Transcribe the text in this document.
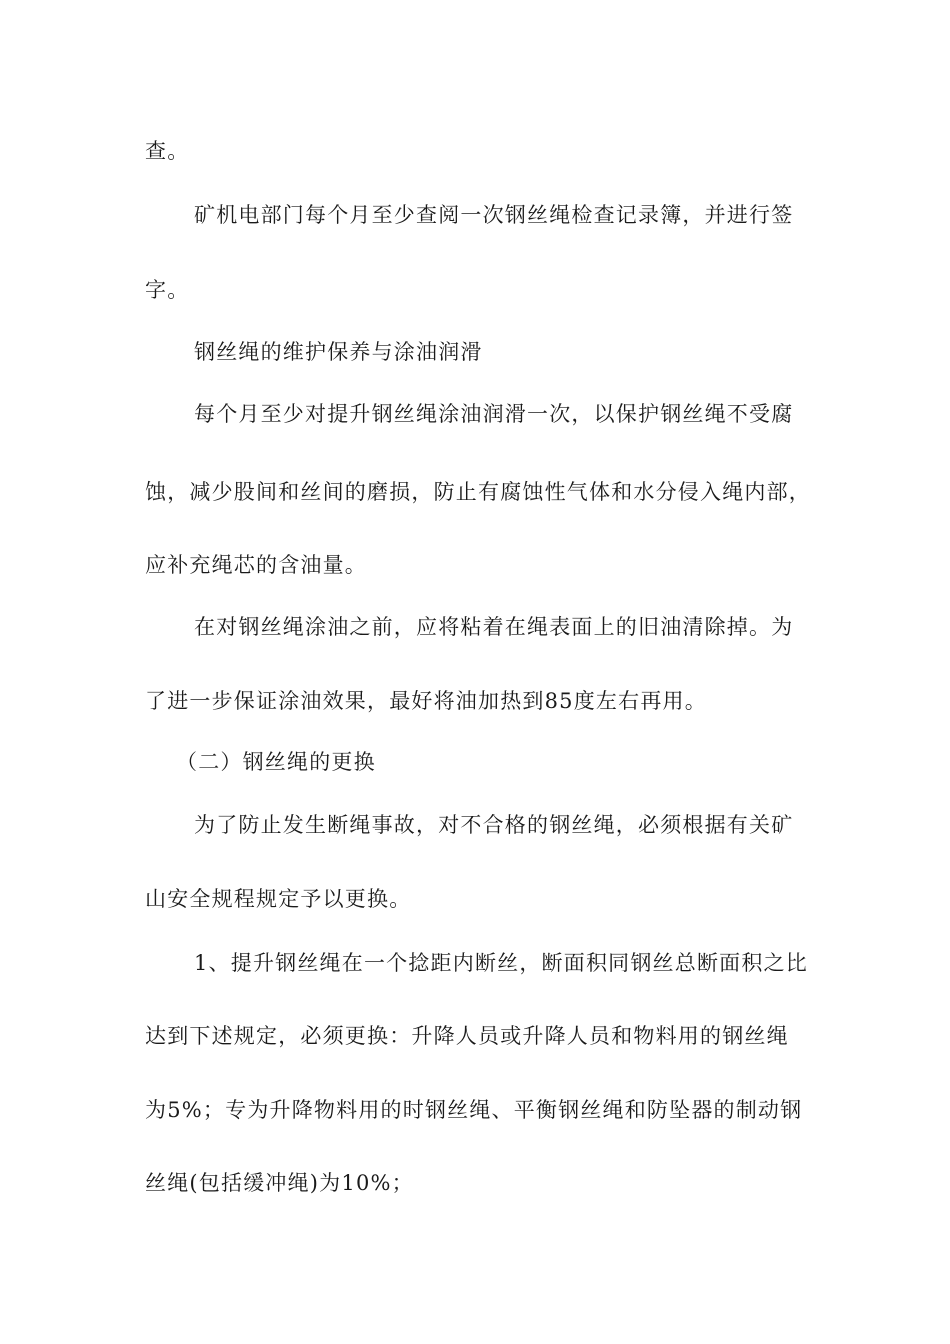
查。
矿机电部门每个月至少查阅一次钢丝绳检查记录簿，并进行签
字。
钢丝绳的维护保养与涂油润滑
每个月至少对提升钢丝绳涂油润滑一次，以保护钢丝绳不受腐
蚀，减少股间和丝间的磨损，防止有腐蚀性气体和水分侵入绳内部，
应补充绳芯的含油量。
在对钢丝绳涂油之前，应将粘着在绳表面上的旧油清除掉。为
了进一步保证涂油效果，最好将油加热到85度左右再用。
（二）钢丝绳的更换
为了防止发生断绳事故，对不合格的钢丝绳，必须根据有关矿
山安全规程规定予以更换。
1、提升钢丝绳在一个捻距内断丝，断面积同钢丝总断面积之比
达到下述规定，必须更换：升降人员或升降人员和物料用的钢丝绳
为5%；专为升降物料用的时钢丝绳、平衡钢丝绳和防坠器的制动钢
丝绳(包括缓冲绳)为10%；
